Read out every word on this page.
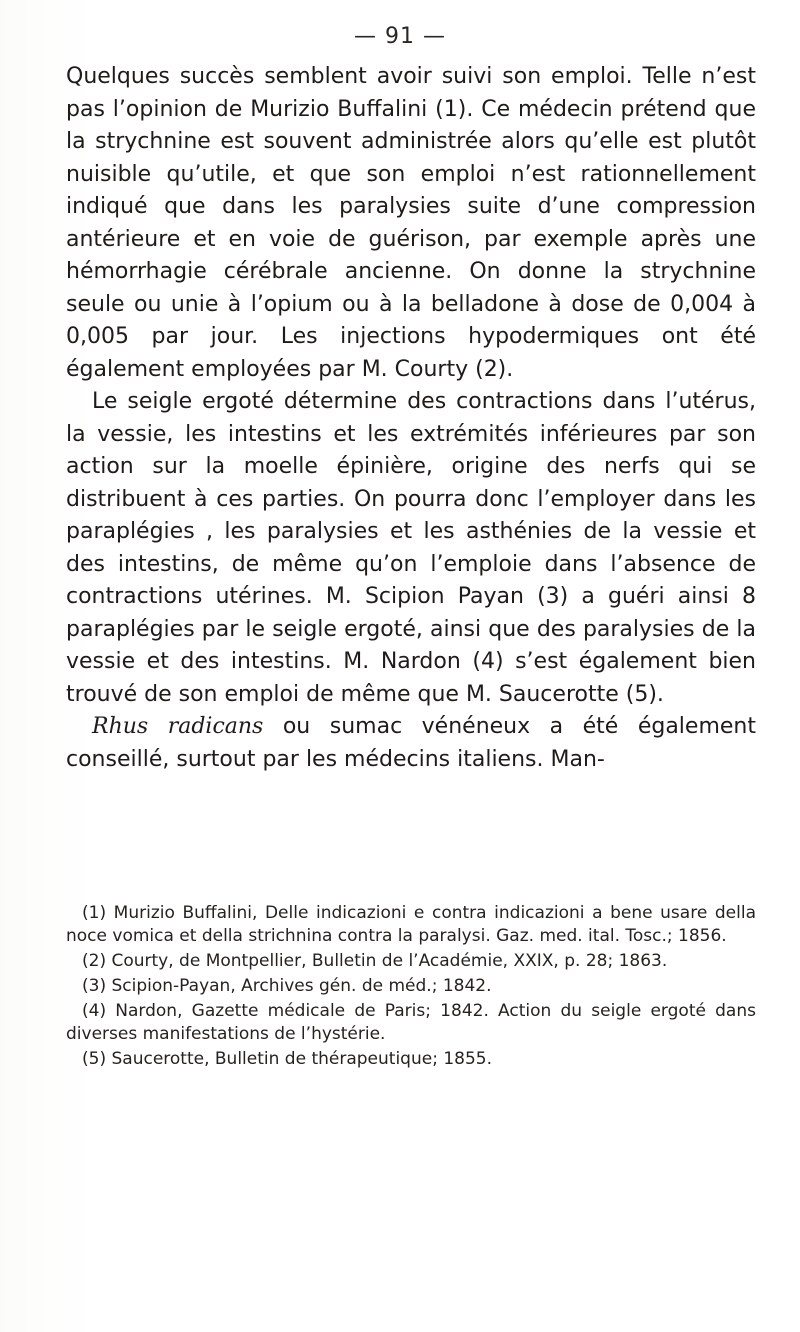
— 91 —

Quelques succès semblent avoir suivi son emploi. Telle n’est pas l’opinion de Murizio Buffalini (1). Ce médecin prétend que la strychnine est souvent administrée alors qu’elle est plutôt nuisible qu’utile, et que son emploi n’est rationnellement indiqué que dans les paralysies suite d’une compression antérieure et en voie de guérison, par exemple après une hémorrhagie cérébrale ancienne. On donne la strychnine seule ou unie à l’opium ou à la belladone à dose de 0,004 à 0,005 par jour. Les injections hypodermiques ont été également employées par M. Courty (2).

Le seigle ergoté détermine des contractions dans l’utérus, la vessie, les intestins et les extrémités inférieures par son action sur la moelle épinière, origine des nerfs qui se distribuent à ces parties. On pourra donc l’employer dans les paraplégies , les paralysies et les asthénies de la vessie et des intestins, de même qu’on l’emploie dans l’absence de contractions utérines. M. Scipion Payan (3) a guéri ainsi 8 paraplégies par le seigle ergoté, ainsi que des paralysies de la vessie et des intestins. M. Nardon (4) s’est également bien trouvé de son emploi de même que M. Saucerotte (5).

Rhus radicans ou sumac vénéneux a été également conseillé, surtout par les médecins italiens. Man-

(1) Murizio Buffalini, Delle indicazioni e contra indicazioni a bene usare della noce vomica et della strichnina contra la paralysi. Gaz. med. ital. Tosc.; 1856.

(2) Courty, de Montpellier, Bulletin de l’Académie, XXIX, p. 28; 1863.

(3) Scipion-Payan, Archives gén. de méd.; 1842.

(4) Nardon, Gazette médicale de Paris; 1842. Action du seigle ergoté dans diverses manifestations de l’hystérie.

(5) Saucerotte, Bulletin de thérapeutique; 1855.
